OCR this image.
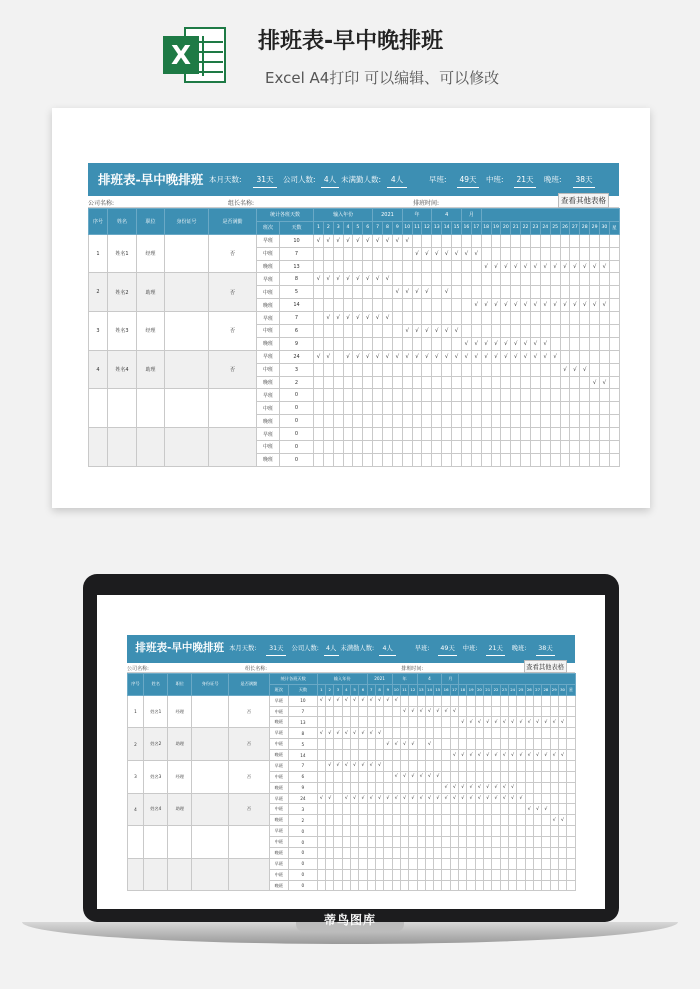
X	排班表-早中晚排班
Excel A4打印 可以编辑、可以修改
排班表-早中晚排班 本月天数:	31天	公司人数:	4人 未满勤人数:	4人	早班:	49天	中班:	21天	晚班:	38天
公司名称:	组长名称:	排班时间:	查看其他表格
序号	姓名	职位	身份证号	是否满勤	统计各班天数		输入年份						2021			年			4			月															
					班次	天数	1	2	3	4	5	6	7	8	9	10	11	12	13	14	15	16	17	18	19	20	21	22	23	24	25	26	27	28	29	30	星
1	姓名1	经理		否	早班	10	√	√	√	√	√	√	√	√	√	√																					
					中班	7											√	√	√	√	√	√	√														
					晚班	13																		√	√	√	√	√	√	√	√	√	√	√	√	√	
2	姓名2	助理		否	早班	8	√	√	√	√	√	√	√	√																							
					中班	5									√	√	√	√		√																	
					晚班	14																	√	√	√	√	√	√	√	√	√	√	√	√	√	√	
3	姓名3	经理		否	早班	7		√	√	√	√	√	√	√																							
					中班	6										√	√	√	√	√	√																
					晚班	9																√	√	√	√	√	√	√	√	√							
4	姓名4	助理		否	早班	24	√	√		√	√	√	√	√	√	√	√	√	√	√	√	√	√	√	√	√	√	√	√	√	√						
					中班	3																										√	√	√			
					晚班	2																													√	√	
					早班	0																															
					中班	0																															
					晚班	0																															
					早班	0																															
					中班	0																															
					晚班	0																															
排班表-早中晚排班 本月天数:	31天	公司人数:	4人 未满勤人数:	4人	早班:	49天	中班:	21天	晚班:	38天
公司名称:	组长名称:	排班时间:	查看其他表格
序号	姓名	职位	身份证号	是否满勤	统计各班天数		输入年份						2021			年			4			月															
					班次	天数	1	2	3	4	5	6	7	8	9	10	11	12	13	14	15	16	17	18	19	20	21	22	23	24	25	26	27	28	29	30	星
1	姓名1	经理		否	早班	10	√	√	√	√	√	√	√	√	√	√																					
					中班	7											√	√	√	√	√	√	√														
					晚班	13																		√	√	√	√	√	√	√	√	√	√	√	√	√	
2	姓名2	助理		否	早班	8	√	√	√	√	√	√	√	√																							
					中班	5									√	√	√	√		√																	
					晚班	14																	√	√	√	√	√	√	√	√	√	√	√	√	√	√	
3	姓名3	经理		否	早班	7		√	√	√	√	√	√	√																							
					中班	6										√	√	√	√	√	√																
					晚班	9																√	√	√	√	√	√	√	√	√							
4	姓名4	助理		否	早班	24	√	√		√	√	√	√	√	√	√	√	√	√	√	√	√	√	√	√	√	√	√	√	√	√						
					中班	3																										√	√	√			
					晚班	2																													√	√	
					早班	0																															
					中班	0																															
					晚班	0																															
					早班	0																															
					中班	0																															
					晚班	0																															
蒂鸟图库
